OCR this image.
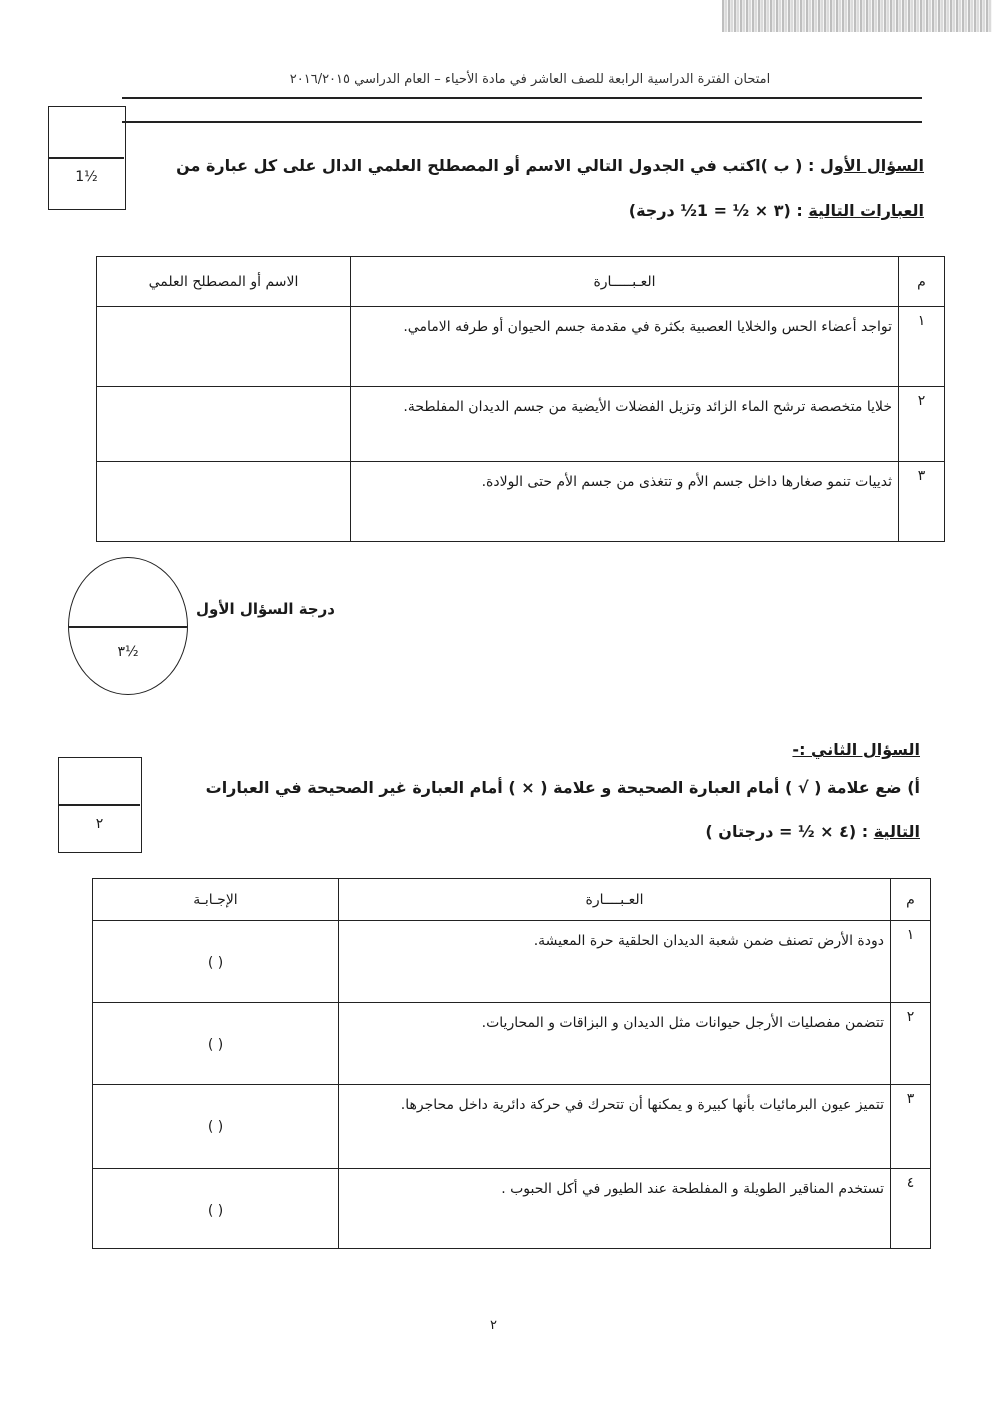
امتحان الفترة الدراسية الرابعة للصف العاشر في مادة الأحياء – العام الدراسي ٢٠١٦/٢٠١٥
1½
السؤال الأول : ( ب )اكتب في الجدول التالي الاسم أو المصطلح العلمي الدال على كل عبارة من
العبارات التالية : (٣ × ½ = 1½ درجة)
م	العـبـــــارة	الاسم أو المصطلح العلمي
١	تواجد أعضاء الحس والخلايا العصبية بكثرة في مقدمة جسم الحيوان أو طرفه الامامي.	
٢	خلايا متخصصة ترشح الماء الزائد وتزيل الفضلات الأيضية من جسم الديدان المفلطحة.	
٣	ثدييات تنمو صغارها داخل جسم الأم و تتغذى من جسم الأم حتى الولادة.	
٣½
درجة السؤال الأول
السؤال الثاني :-
٢
أ) ضع علامة ( √ ) أمام العبارة الصحيحة و علامة ( × ) أمام العبارة غير الصحيحة في العبارات
التالية : (٤ × ½ = درجتان )
م	العـبــــارة	الإجـابـة
١	دودة الأرض تصنف ضمن شعبة الديدان الحلقية حرة المعيشة.	( )
٢	تتضمن مفصليات الأرجل حيوانات مثل الديدان و البزاقات و المحاريات.	( )
٣	تتميز عيون البرمائيات بأنها كبيرة و يمكنها أن تتحرك في حركة دائرية داخل محاجرها.	( )
٤	تستخدم المناقير الطويلة و المفلطحة عند الطيور في أكل الحبوب .	( )
٢
